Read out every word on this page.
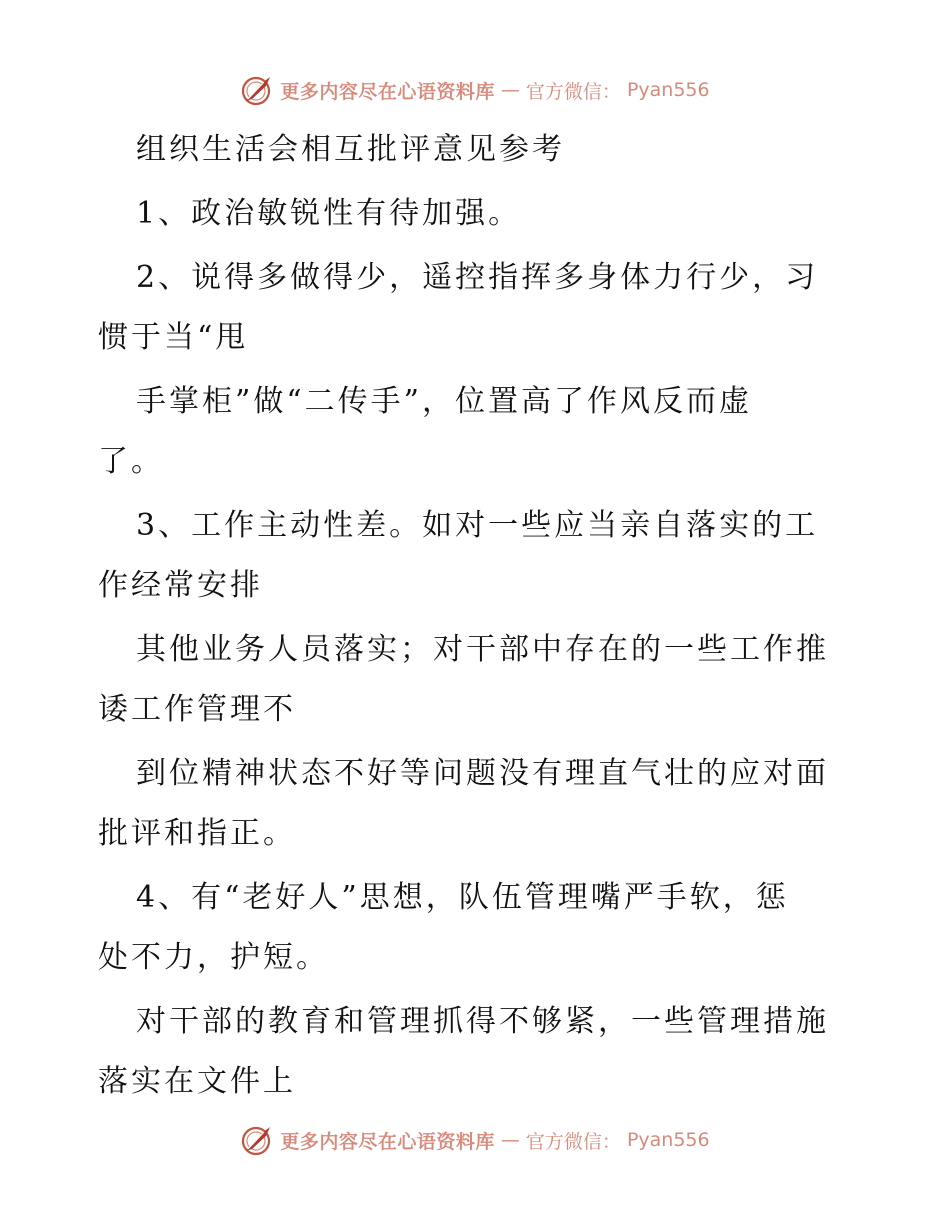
更多内容尽在心语资料库 — 官方微信： Pyan556
组织生活会相互批评意见参考
1、政治敏锐性有待加强。
2、说得多做得少，遥控指挥多身体力行少，习
惯于当“甩
手掌柜”做“二传手”，位置高了作风反而虚
了。
3、工作主动性差。如对一些应当亲自落实的工
作经常安排
其他业务人员落实；对干部中存在的一些工作推
诿工作管理不
到位精神状态不好等问题没有理直气壮的应对面
批评和指正。
4、有“老好人”思想，队伍管理嘴严手软，惩
处不力，护短。
对干部的教育和管理抓得不够紧，一些管理措施
落实在文件上
更多内容尽在心语资料库 — 官方微信： Pyan556
